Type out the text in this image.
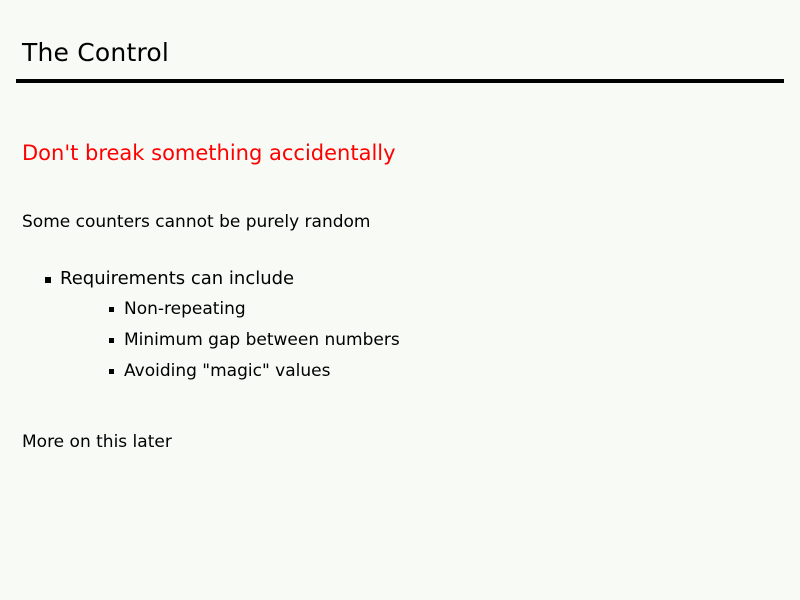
The Control

Don't break something accidentally

Some counters cannot be purely random

Requirements can include
Non-repeating
Minimum gap between numbers
Avoiding "magic" values

More on this later
